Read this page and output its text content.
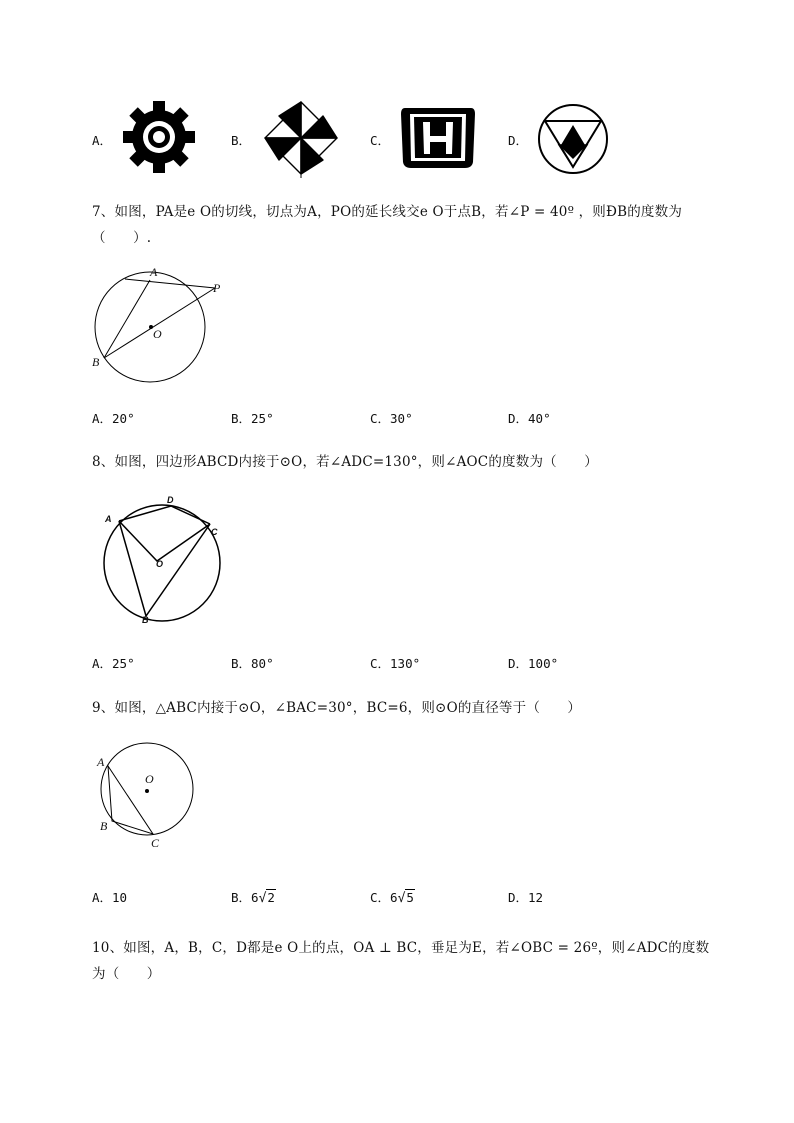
A．	B．	C．	D．
7、如图，PA是e O的切线，切点为A，PO的延长线交e O于点B，若∠P = 40º ，则ÐB的度数为
（　　）.
A
P
O
B
A．20°	B．25°	C．30°	D．40°
8、如图，四边形ABCD内接于⊙O，若∠ADC=130°，则∠AOC的度数为（　　）
A
D
C
O
B
A．25°	B．80°	C．130°	D．100°
9、如图，△ABC内接于⊙O，∠BAC=30°，BC=6，则⊙O的直径等于（　　）
A
O
B
C
A．10	B．6√2	C．6√5	D．12
10、如图，A，B，C，D都是e O上的点，OA ⊥ BC，垂足为E，若∠OBC = 26º，则∠ADC的度数
为（　　）
